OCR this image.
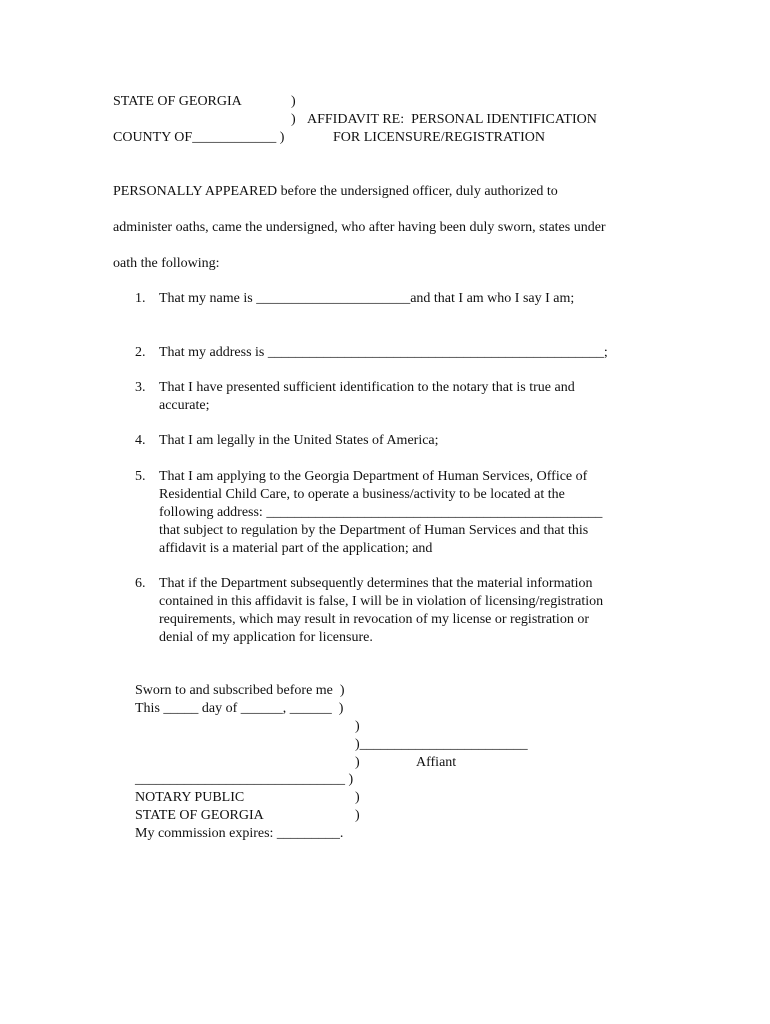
STATE OF GEORGIA	)
) AFFIDAVIT RE:  PERSONAL IDENTIFICATION
COUNTY OF____________ )	FOR LICENSURE/REGISTRATION
PERSONALLY APPEARED before the undersigned officer, duly authorized to
administer oaths, came the undersigned, who after having been duly sworn, states under
oath the following:
1. That my name is ______________________and that I am who I say I am;
2. That my address is ________________________________________________;
3. That I have presented sufficient identification to the notary that is true and
accurate;
4. That I am legally in the United States of America;
5. That I am applying to the Georgia Department of Human Services, Office of
Residential Child Care, to operate a business/activity to be located at the
following address: ________________________________________________
that subject to regulation by the Department of Human Services and that this
affidavit is a material part of the application; and
6. That if the Department subsequently determines that the material information
contained in this affidavit is false, I will be in violation of licensing/registration
requirements, which may result in revocation of my license or registration or
denial of my application for licensure.
Sworn to and subscribed before me  )
This _____ day of ______, ______  )
)
)________________________
)	Affiant
______________________________ )
NOTARY PUBLIC	)
STATE OF GEORGIA	)
My commission expires: _________.
